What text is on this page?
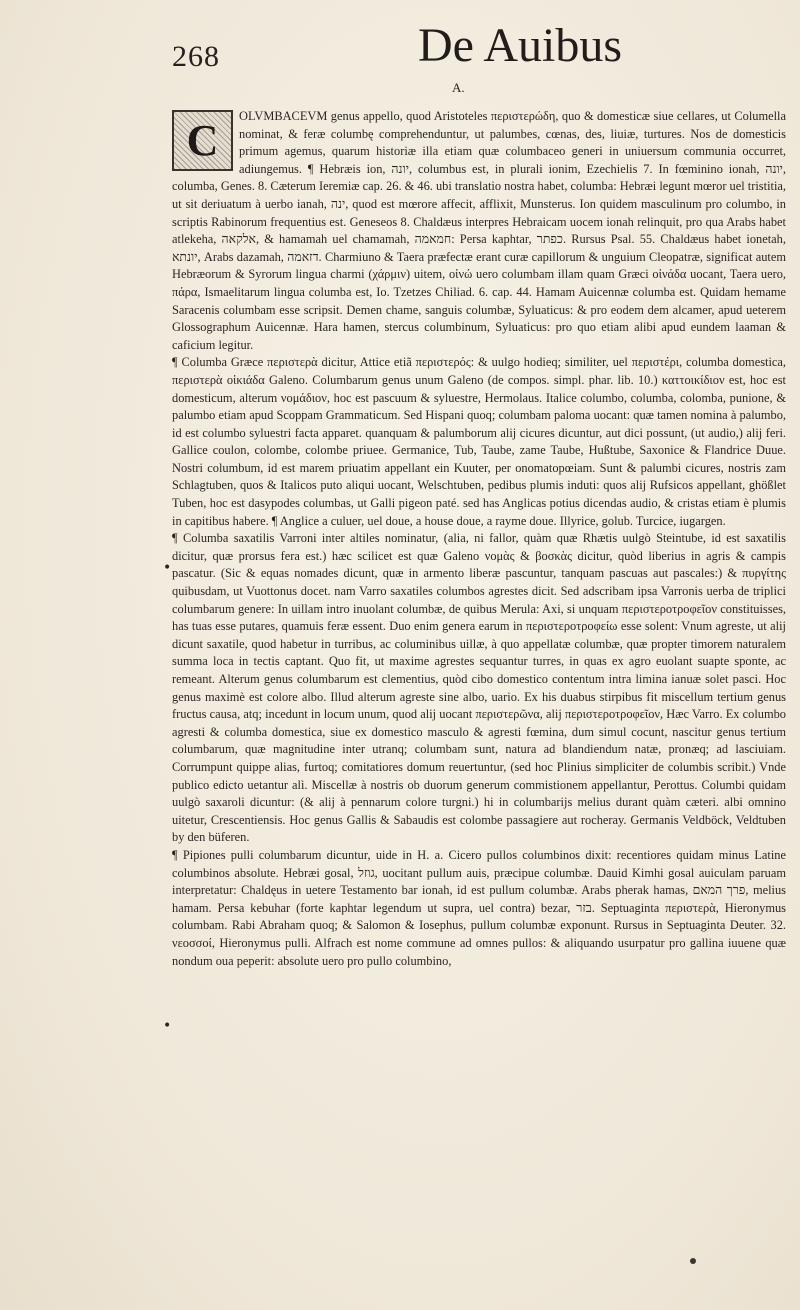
268	De Auibus
A.
C	OLVMBACEVM genus appello, quod Aristoteles περιστερώδη, quo & domesticæ siue cellares, ut Columella nominat, & feræ columbę comprehenduntur, ut palumbes, cœnas, des, liuiæ, turtures. Nos de domesticis primum agemus, quarum historiæ illa etiam quæ columbaceo generi in uniuersum communia occurret, adiungemus. ¶ Hebræis ion, יונה, columbus est, in plurali ionim, Ezechielis 7. In fœminino ionah, יונה, columba, Genes. 8. Cæterum Ieremiæ cap. 26. & 46. ubi translatio nostra habet, columba: Hebræi legunt mœror uel tristitia, ut sit deriuatum à uerbo ianah, ינה, quod est mœrore affecit, afflixit, Munsterus. Ion quidem masculinum pro columbo, in scriptis Rabinorum frequentius est. Geneseos 8. Chaldæus interpres Hebraicam uocem ionah relinquit, pro qua Arabs habet atlekeha, אלקאה, & hamamah uel chamamah, חמאמה: Persa kaphtar, כפתר. Rursus Psal. 55. Chaldæus habet ionetah, יונתא, Arabs dazamah, דזאמה. Charmiuno & Taera præfectæ erant curæ capillorum & unguium Cleopatræ, significat autem Hebræorum & Syrorum lingua charmi (χάρμιν) uitem, οἰνώ uero columbam illam quam Græci οἰνάδα uocant, Taera uero, πάρα, Ismaelitarum lingua columba est, Io. Tzetzes Chiliad. 6. cap. 44. Hamam Auicennæ columba est. Quidam hemame Saracenis columbam esse scripsit. Demen chame, sanguis columbæ, Syluaticus: & pro eodem dem alcamer, apud ueterem Glossographum Auicennæ. Hara hamen, stercus columbinum, Syluaticus: pro quo etiam alibi apud eundem laaman & caficium legitur.

¶ Columba Græce περιστερὰ dicitur, Attice etiã περιστερός: & uulgo hodieq; similiter, uel περιστέρι, columba domestica, περιστερὰ οἰκιάδα Galeno. Columbarum genus unum Galeno (de compos. simpl. phar. lib. 10.) καττοικίδιον est, hoc est domesticum, alterum νομάδιον, hoc est pascuum & syluestre, Hermolaus. Italice columbo, columba, colomba, punione, & palumbo etiam apud Scoppam Grammaticum. Sed Hispani quoq; columbam paloma uocant: quæ tamen nomina à palumbo, id est columbo syluestri facta apparet. quanquam & palumborum alij cicures dicuntur, aut dici possunt, (ut audio,) alij feri. Gallice coulon, colombe, colombe priuee. Germanice, Tub, Taube, zame Taube, Hußtube, Saxonice & Flandrice Duue. Nostri columbum, id est marem priuatim appellant ein Kuuter, per onomatopœiam. Sunt & palumbi cicures, nostris zam Schlagtuben, quos & Italicos puto aliqui uocant, Welschtuben, pedibus plumis induti: quos alij Rufsicos appellant, ghößlet Tuben, hoc est dasypodes columbas, ut Galli pigeon paté. sed has Anglicas potius dicendas audio, & cristas etiam è plumis in capitibus habere. ¶ Anglice a culuer, uel doue, a house doue, a rayme doue. Illyrice, golub. Turcice, iugargen.

¶ Columba saxatilis Varroni inter altiles nominatur, (alia, ni fallor, quàm quæ Rhætis uulgò Steintube, id est saxatilis dicitur, quæ prorsus fera est.) hæc scilicet est quæ Galeno νομὰς & βοσκὰς dicitur, quòd liberius in agris & campis pascatur. (Sic & equas nomades dicunt, quæ in armento liberæ pascuntur, tanquam pascuas aut pascales:) & πυργίτης quibusdam, ut Vuottonus docet. nam Varro saxatiles columbos agrestes dicit. Sed adscribam ipsa Varronis uerba de triplici columbarum genere: In uillam intro inuolant columbæ, de quibus Merula: Axi, si unquam περιστεροτροφεῖον constituisses, has tuas esse putares, quamuis feræ essent. Duo enim genera earum in περιστεροτροφείω esse solent: Vnum agreste, ut alij dicunt saxatile, quod habetur in turribus, ac columinibus uillæ, à quo appellatæ columbæ, quæ propter timorem naturalem summa loca in tectis captant. Quo fit, ut maxime agrestes sequantur turres, in quas ex agro euolant suapte sponte, ac remeant. Alterum genus columbarum est clementius, quòd cibo domestico contentum intra limina ianuæ solet pasci. Hoc genus maximè est colore albo. Illud alterum agreste sine albo, uario. Ex his duabus stirpibus fit miscellum tertium genus fructus causa, atq; incedunt in locum unum, quod alij uocant περιστερῶνα, alij περιστεροτροφεῖον, Hæc Varro. Ex columbo agresti & columba domestica, siue ex domestico masculo & agresti fœmina, dum simul cocunt, nascitur genus tertium columbarum, quæ magnitudine inter utranq; columbam sunt, natura ad blandiendum natæ, pronæq; ad lasciuiam. Corrumpunt quippe alias, furtoq; comitatiores domum reuertuntur, (sed hoc Plinius simpliciter de columbis scribit.) Vnde publico edicto uetantur alì. Miscellæ à nostris ob duorum generum commistionem appellantur, Perottus. Columbi quidam uulgò saxaroli dicuntur: (& alij à pennarum colore turgni.) hi in columbarijs melius durant quàm cæteri. albi omnino uitetur, Crescentiensis. Hoc genus Gallis & Sabaudis est colombe passagiere aut rocheray. Germanis Veldböck, Veldtuben by den büferen.

¶ Pipiones pulli columbarum dicuntur, uide in H. a. Cicero pullos columbinos dixit: recentiores quidam minus Latine columbinos absolute. Hebræi gosal, גוזל, uocitant pullum auis, præcipue columbæ. Dauid Kimhi gosal auiculam paruam interpretatur: Chaldęus in uetere Testamento bar ionah, id est pullum columbæ. Arabs pherak hamas, פרך המאם, melius hamam. Persa kebuhar (forte kaphtar legendum ut supra, uel contra) bezar, בזר. Septuaginta περιστερὰ, Hieronymus columbam. Rabi Abraham quoq; & Salomon & Iosephus, pullum columbæ exponunt. Rursus in Septuaginta Deuter. 32. νεοσσοί, Hieronymus pulli. Alfrach est nome commune ad omnes pullos: & aliquando usurpatur pro gallina iuuene quæ nondum oua peperit: absolute uero pro pullo columbino,

•
•
